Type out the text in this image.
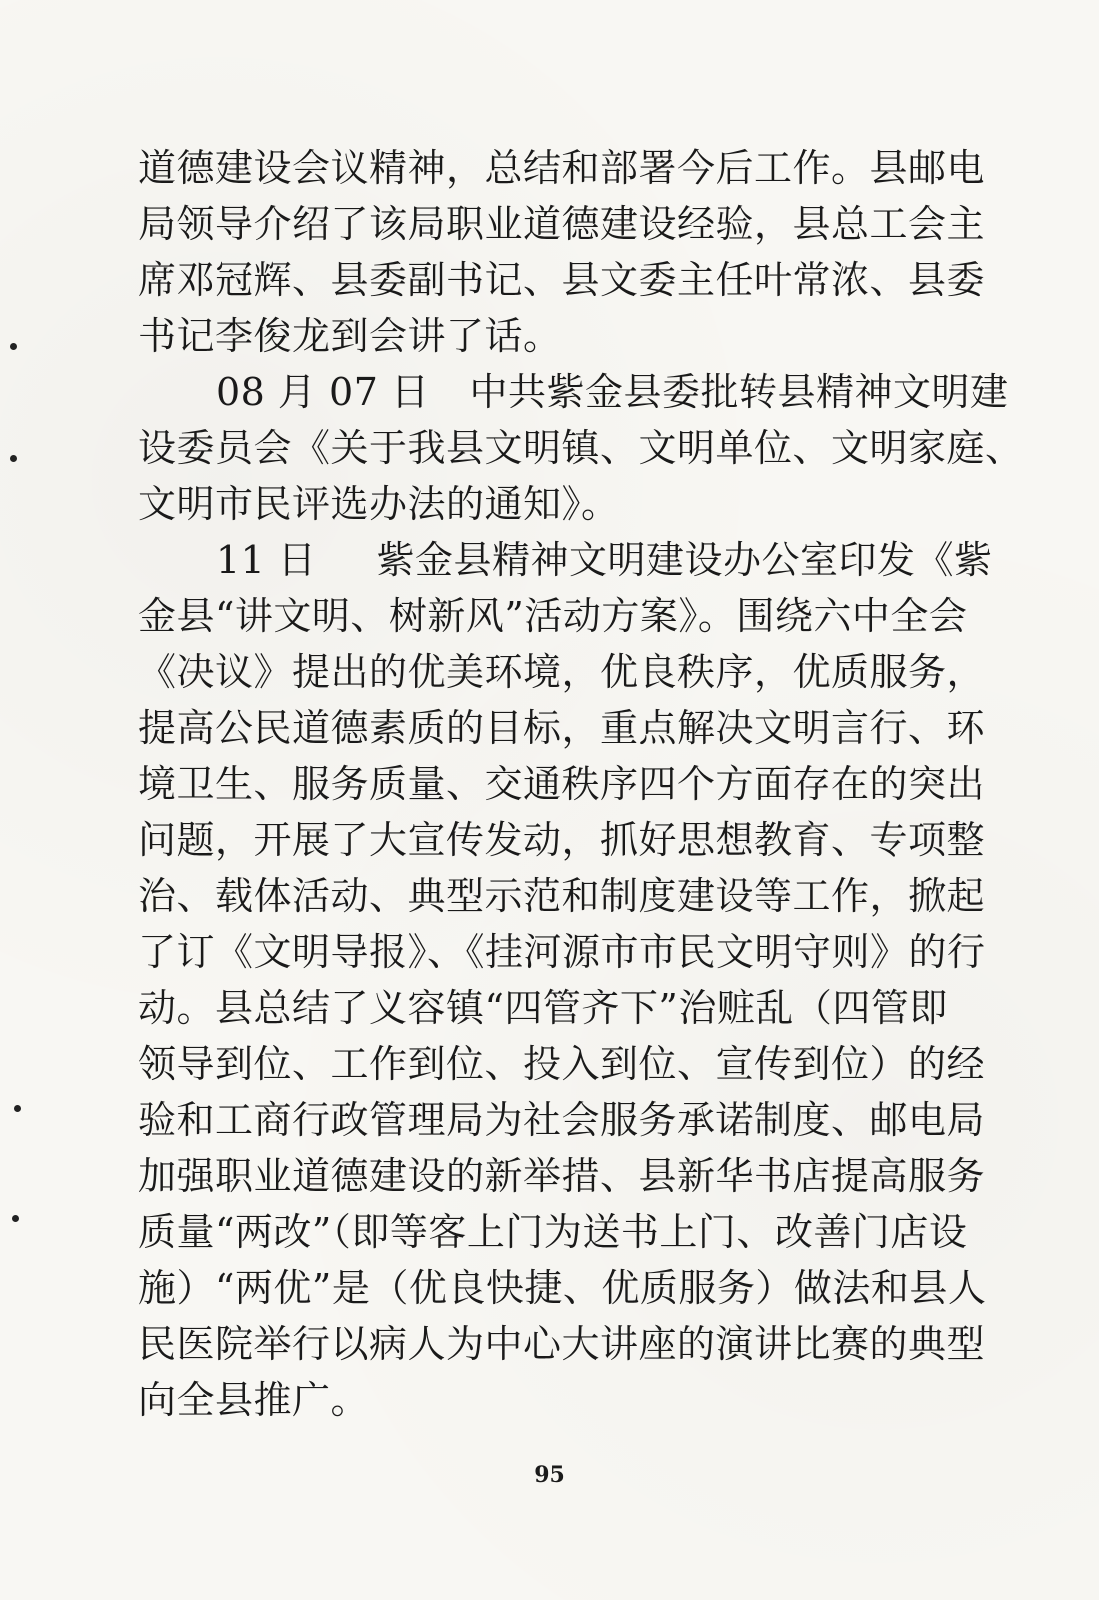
道德建设会议精神，总结和部署今后工作。县邮电
局领导介绍了该局职业道德建设经验，县总工会主
席邓冠辉、县委副书记、县文委主任叶常浓、县委
书记李俊龙到会讲了话。
08 月 07 日 中共紫金县委批转县精神文明建
设委员会《关于我县文明镇、文明单位、文明家庭、
文明市民评选办法的通知》。
11 日 紫金县精神文明建设办公室印发《紫
金县“讲文明、树新风”活动方案》。围绕六中全会
《决议》提出的优美环境，优良秩序，优质服务，
提高公民道德素质的目标，重点解决文明言行、环
境卫生、服务质量、交通秩序四个方面存在的突出
问题，开展了大宣传发动，抓好思想教育、专项整
治、载体活动、典型示范和制度建设等工作，掀起
了订《文明导报》、《挂河源市市民文明守则》的行
动。县总结了义容镇“四管齐下”治赃乱（四管即
领导到位、工作到位、投入到位、宣传到位）的经
验和工商行政管理局为社会服务承诺制度、邮电局
加强职业道德建设的新举措、县新华书店提高服务
质量“两改”（即等客上门为送书上门、改善门店设
施）“两优”是（优良快捷、优质服务）做法和县人
民医院举行以病人为中心大讲座的演讲比赛的典型
向全县推广。
95
